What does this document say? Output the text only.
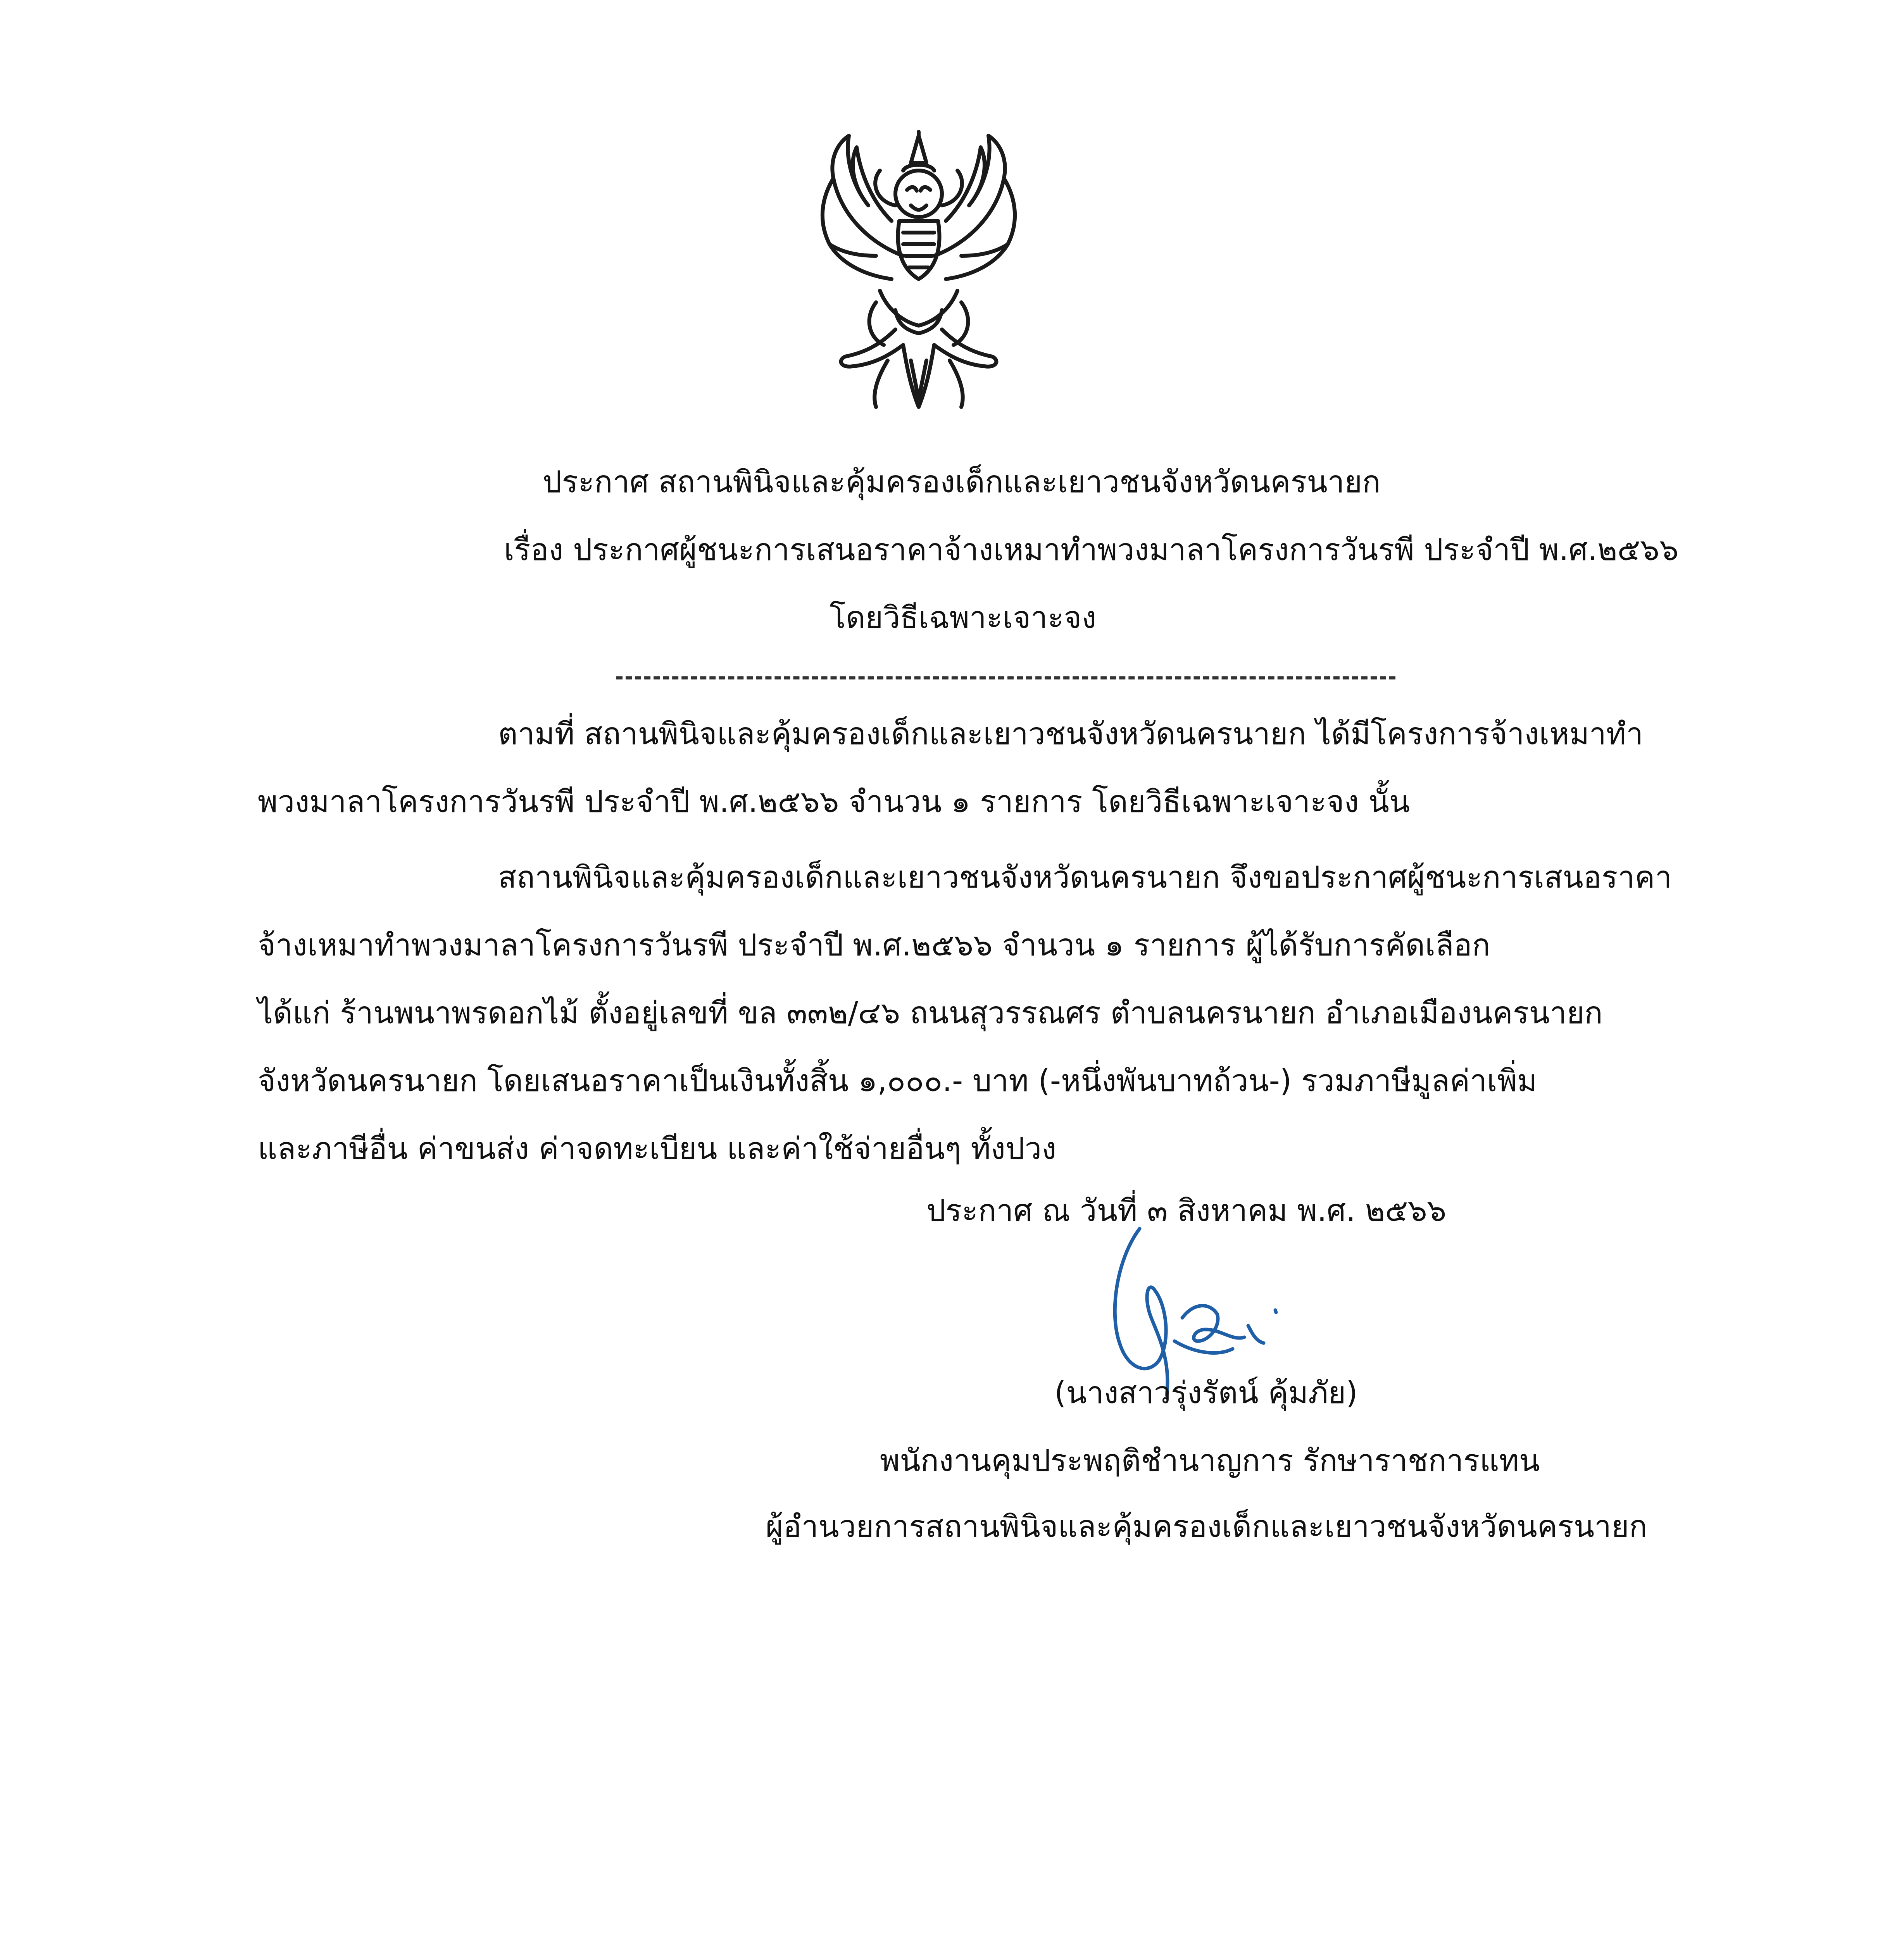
ประกาศ สถานพินิจและคุ้มครองเด็กและเยาวชนจังหวัดนครนายก
เรื่อง ประกาศผู้ชนะการเสนอราคาจ้างเหมาทำพวงมาลาโครงการวันรพี ประจำปี พ.ศ.๒๕๖๖
โดยวิธีเฉพาะเจาะจง
ตามที่ สถานพินิจและคุ้มครองเด็กและเยาวชนจังหวัดนครนายก ได้มีโครงการจ้างเหมาทำ
พวงมาลาโครงการวันรพี ประจำปี พ.ศ.๒๕๖๖ จำนวน ๑ รายการ โดยวิธีเฉพาะเจาะจง นั้น
สถานพินิจและคุ้มครองเด็กและเยาวชนจังหวัดนครนายก จึงขอประกาศผู้ชนะการเสนอราคา
จ้างเหมาทำพวงมาลาโครงการวันรพี ประจำปี พ.ศ.๒๕๖๖ จำนวน ๑ รายการ ผู้ได้รับการคัดเลือก
ได้แก่ ร้านพนาพรดอกไม้ ตั้งอยู่เลขที่ ขล ๓๓๒/๔๖ ถนนสุวรรณศร ตำบลนครนายก อำเภอเมืองนครนายก
จังหวัดนครนายก โดยเสนอราคาเป็นเงินทั้งสิ้น ๑,๐๐๐.- บาท (-หนึ่งพันบาทถ้วน-) รวมภาษีมูลค่าเพิ่ม
และภาษีอื่น ค่าขนส่ง ค่าจดทะเบียน และค่าใช้จ่ายอื่นๆ ทั้งปวง
ประกาศ ณ วันที่ ๓ สิงหาคม พ.ศ. ๒๕๖๖
(นางสาวรุ่งรัตน์ คุ้มภัย)
พนักงานคุมประพฤติชำนาญการ รักษาราชการแทน
ผู้อำนวยการสถานพินิจและคุ้มครองเด็กและเยาวชนจังหวัดนครนายก
